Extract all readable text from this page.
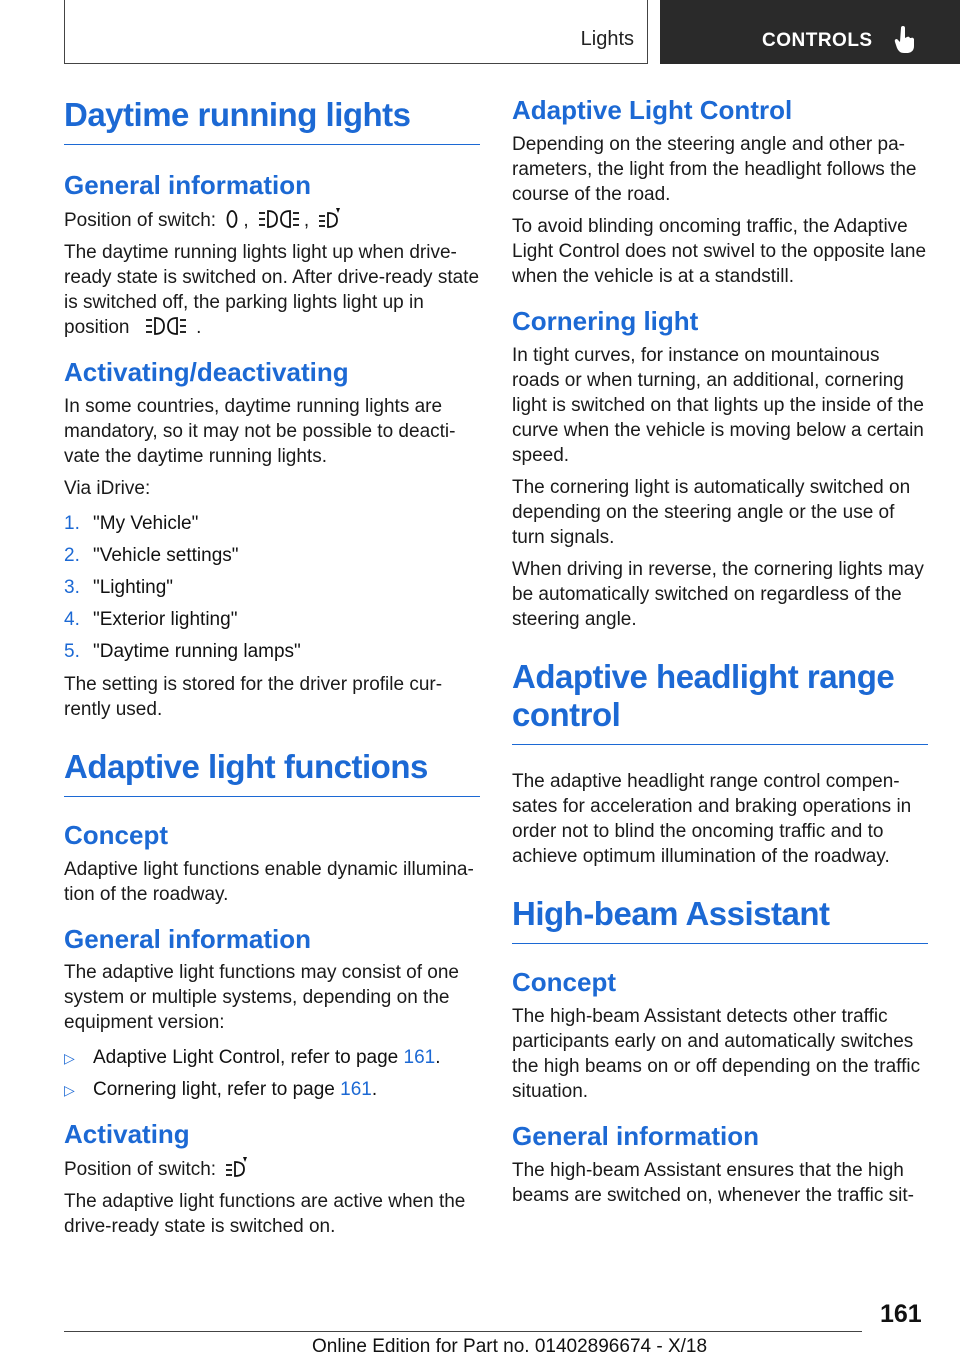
Lights	CONTROLS
Daytime running lights
General information

Position of switch: ,	,

The daytime running lights light up when drive-ready state is switched on. After drive-ready state is switched off, the parking lights light up in
position	.

Activating/deactivating

In some countries, daytime running lights are mandatory, so it may not be possible to deacti-vate the daytime running lights.

Via iDrive:

1. "My Vehicle"
2. "Vehicle settings"
3. "Lighting"
4. "Exterior lighting"
5. "Daytime running lamps"

The setting is stored for the driver profile cur-rently used.

Adaptive light functions
Concept

Adaptive light functions enable dynamic illumina-tion of the roadway.

General information

The adaptive light functions may consist of one system or multiple systems, depending on the equipment version:

▷ Adaptive Light Control, refer to page 161.
▷ Cornering light, refer to page 161.
Activating

Position of switch:

The adaptive light functions are active when the drive-ready state is switched on.

Adaptive Light Control

Depending on the steering angle and other pa-rameters, the light from the headlight follows the course of the road.

To avoid blinding oncoming traffic, the Adaptive Light Control does not swivel to the opposite lane when the vehicle is at a standstill.

Cornering light

In tight curves, for instance on mountainous roads or when turning, an additional, cornering light is switched on that lights up the inside of the curve when the vehicle is moving below a certain speed.

The cornering light is automatically switched on depending on the steering angle or the use of turn signals.

When driving in reverse, the cornering lights may be automatically switched on regardless of the steering angle.

Adaptive headlight range control

The adaptive headlight range control compen-sates for acceleration and braking operations in order not to blind the oncoming traffic and to achieve optimum illumination of the roadway.

High-beam Assistant
Concept

The high-beam Assistant detects other traffic participants early on and automatically switches the high beams on or off depending on the traffic situation.

General information

The high-beam Assistant ensures that the high beams are switched on, whenever the traffic sit-

161
Online Edition for Part no. 01402896674 - X/18
